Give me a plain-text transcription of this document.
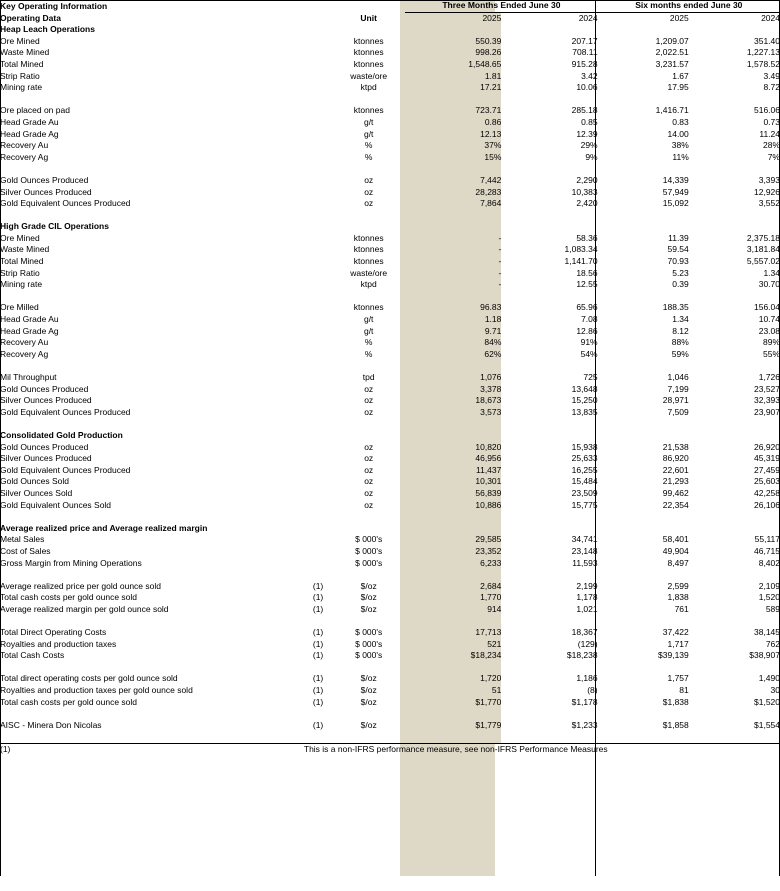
Key Operating Information			Three Months Ended June 30		Six months ended June 30	
Operating Data		Unit	2025	2024	2025	2024
Heap Leach Operations						
Ore Mined		ktonnes	550.39	207.17	1,209.07	351.40
Waste Mined		ktonnes	998.26	708.11	2,022.51	1,227.13
Total Mined		ktonnes	1,548.65	915.28	3,231.57	1,578.52
Strip Ratio		waste/ore	1.81	3.42	1.67	3.49
Mining rate		ktpd	17.21	10.06	17.95	8.72

Ore placed on pad		ktonnes	723.71	285.18	1,416.71	516.06
Head Grade Au		g/t	0.86	0.85	0.83	0.73
Head Grade Ag		g/t	12.13	12.39	14.00	11.24
Recovery Au		%	37%	29%	38%	28%
Recovery Ag		%	15%	9%	11%	7%

Gold Ounces Produced		oz	7,442	2,290	14,339	3,393
Silver Ounces Produced		oz	28,283	10,383	57,949	12,926
Gold Equivalent Ounces Produced		oz	7,864	2,420	15,092	3,552

High Grade CIL Operations						
Ore Mined		ktonnes	-	58.36	11.39	2,375.18
Waste Mined		ktonnes	-	1,083.34	59.54	3,181.84
Total Mined		ktonnes	-	1,141.70	70.93	5,557.02
Strip Ratio		waste/ore	-	18.56	5.23	1.34
Mining rate		ktpd	-	12.55	0.39	30.70

Ore Milled		ktonnes	96.83	65.96	188.35	156.04
Head Grade Au		g/t	1.18	7.08	1.34	10.74
Head Grade Ag		g/t	9.71	12.86	8.12	23.08
Recovery Au		%	84%	91%	88%	89%
Recovery Ag		%	62%	54%	59%	55%

Mil Throughput		tpd	1,076	725	1,046	1,726
Gold Ounces Produced		oz	3,378	13,648	7,199	23,527
Silver Ounces Produced		oz	18,673	15,250	28,971	32,393
Gold Equivalent Ounces Produced		oz	3,573	13,835	7,509	23,907

Consolidated Gold Production						
Gold Ounces Produced		oz	10,820	15,938	21,538	26,920
Silver Ounces Produced		oz	46,956	25,633	86,920	45,319
Gold Equivalent Ounces Produced		oz	11,437	16,255	22,601	27,459
Gold Ounces Sold		oz	10,301	15,484	21,293	25,603
Silver Ounces Sold		oz	56,839	23,509	99,462	42,258
Gold Equivalent Ounces Sold		oz	10,886	15,775	22,354	26,106

Average realized price and Average realized margin						
Metal Sales		$ 000's	29,585	34,741	58,401	55,117
Cost of Sales		$ 000's	23,352	23,148	49,904	46,715
Gross Margin from Mining Operations		$ 000's	6,233	11,593	8,497	8,402

Average realized price per gold ounce sold	(1)	$/oz	2,684	2,199	2,599	2,109
Total cash costs per gold ounce sold	(1)	$/oz	1,770	1,178	1,838	1,520
Average realized margin per gold ounce sold	(1)	$/oz	914	1,021	761	589

Total Direct Operating Costs	(1)	$ 000's	17,713	18,367	37,422	38,145
Royalties and production taxes	(1)	$ 000's	521	(129)	1,717	762
Total Cash Costs	(1)	$ 000's	$18,234	$18,238	$39,139	$38,907

Total direct operating costs per gold ounce sold	(1)	$/oz	1,720	1,186	1,757	1,490
Royalties and production taxes per gold ounce sold	(1)	$/oz	51	(8)	81	30
Total cash costs per gold ounce sold	(1)	$/oz	$1,770	$1,178	$1,838	$1,520

AISC - Minera Don Nicolas	(1)	$/oz	$1,779	$1,233	$1,858	$1,554

(1)	This is a non-IFRS performance measure, see non-IFRS Performance Measures					
